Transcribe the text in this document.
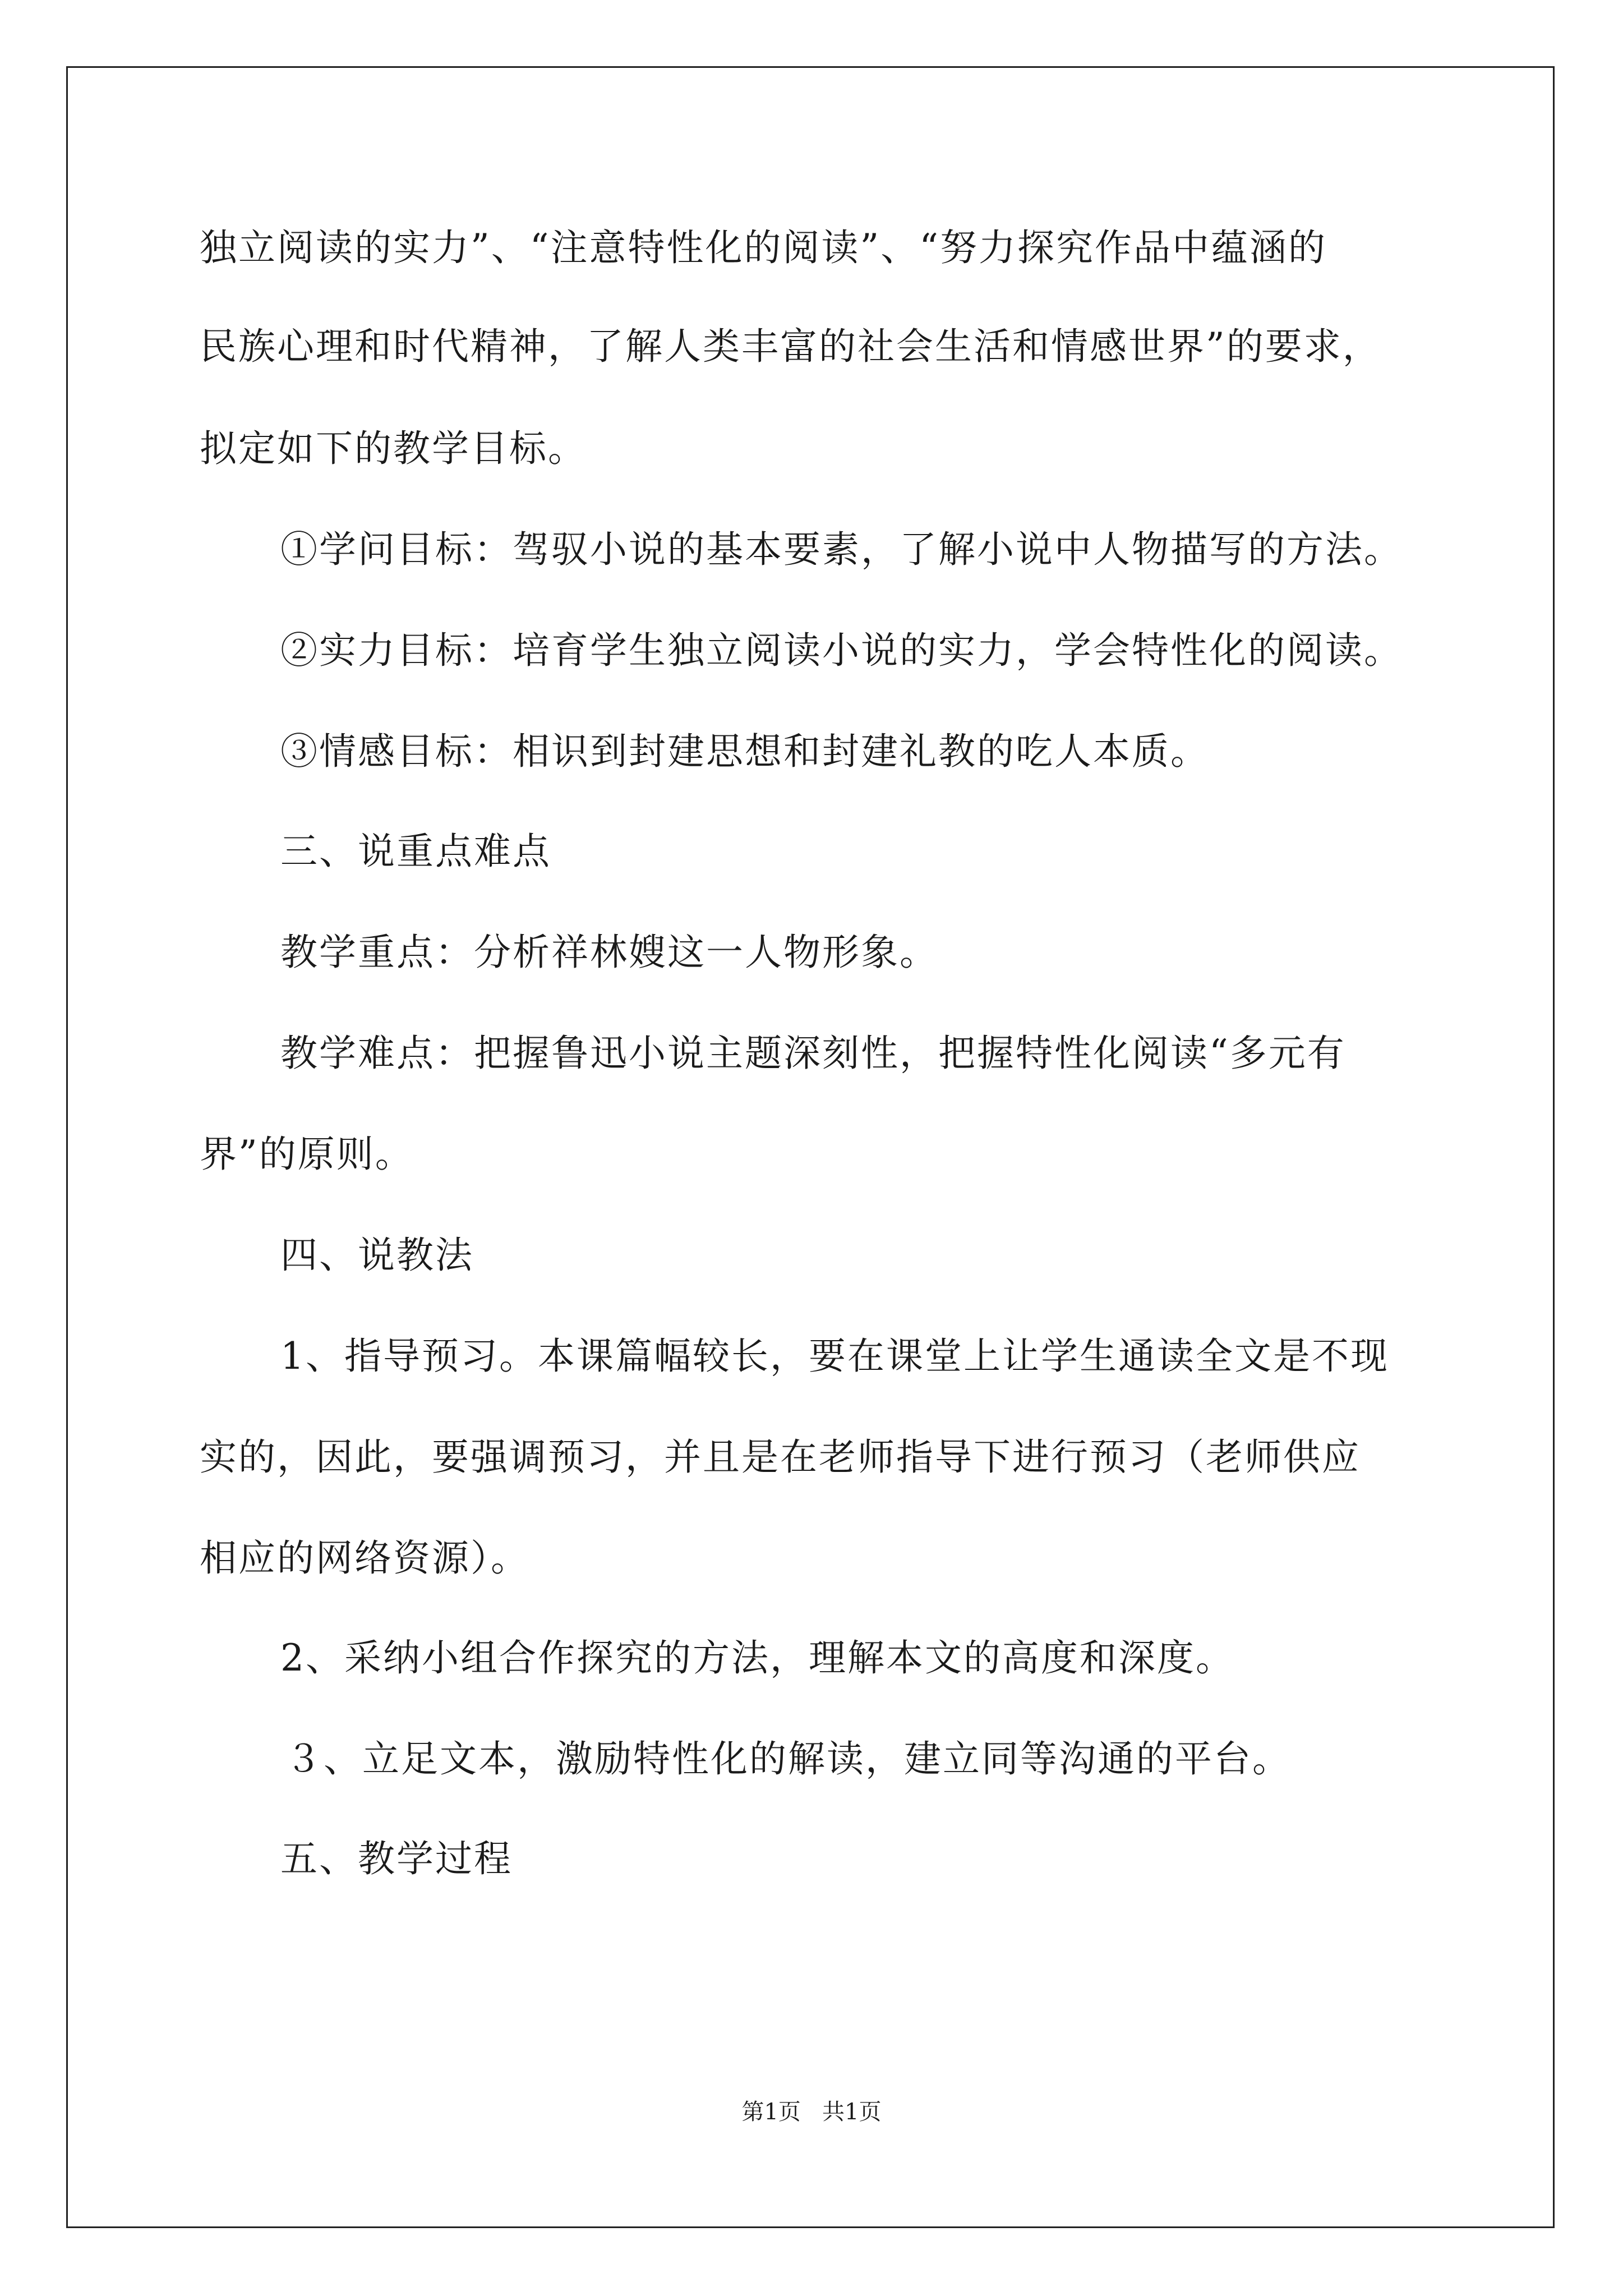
独立阅读的实力”、“注意特性化的阅读”、“努力探究作品中蕴涵的
民族心理和时代精神，了解人类丰富的社会生活和情感世界”的要求，
拟定如下的教学目标。
①学问目标：驾驭小说的基本要素，了解小说中人物描写的方法。
②实力目标：培育学生独立阅读小说的实力，学会特性化的阅读。
③情感目标：相识到封建思想和封建礼教的吃人本质。
三、说重点难点
教学重点：分析祥林嫂这一人物形象。
教学难点：把握鲁迅小说主题深刻性，把握特性化阅读“多元有
界”的原则。
四、说教法
1、指导预习。本课篇幅较长，要在课堂上让学生通读全文是不现
实的，因此，要强调预习，并且是在老师指导下进行预习（老师供应
相应的网络资源）。
2、采纳小组合作探究的方法，理解本文的高度和深度。
３、立足文本，激励特性化的解读，建立同等沟通的平台。
五、教学过程
第1页   共1页
